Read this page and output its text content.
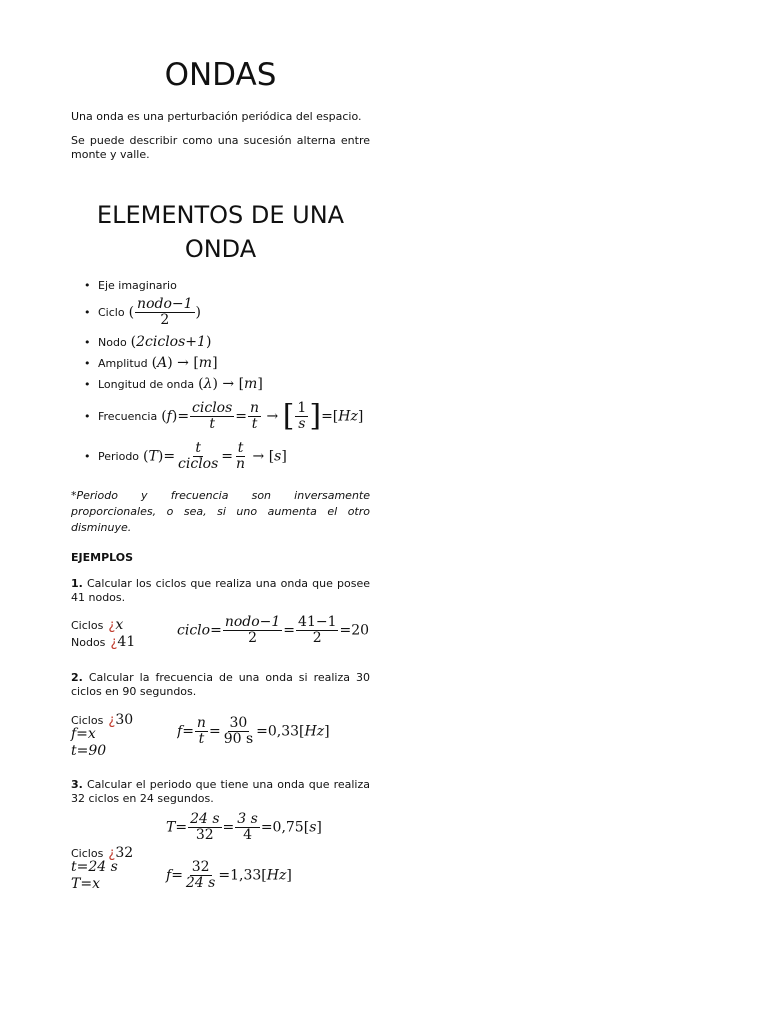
ONDAS
Una onda es una perturbación periódica del espacio.
Se puede describir como una sucesión alterna entre monte y valle.
ELEMENTOS DE UNA ONDA
• Eje imaginario
• Ciclo ( $\frac{\text{nodo−1}}{2}$ )
• Nodo (2ciclos+1)
• Amplitud (A) → [m]
• Longitud de onda (λ) → [m]
• Frecuencia $(f)= \frac{\text{ciclos}}{t} = \frac{n}{t}$ → [ $\frac{1}{s} ]=[Hz]$
• Periodo $(T)= \frac{t}{\text{ciclos}} = \frac{t}{n} \to [s]$
*Periodo y frecuencia son inversamente proporcionales, o sea, si uno aumenta el otro disminuye.
EJEMPLOS
1. Calcular los ciclos que realiza una onda que posee 41 nodos.
Ciclos ¿x
Nodos ¿41
ciclo= $\frac{\text{nodo−1}}{2} = \frac{41-1}{2} =20$
2. Calcular la frecuencia de una onda si realiza 30 ciclos en 90 segundos.
Ciclos ¿30
f=x
t=90
$f= \frac{n}{t} = \frac{30}{90 s} =0,33[Hz]$
3. Calcular el periodo que tiene una onda que realiza 32 ciclos en 24 segundos.
$T= \frac{24 s}{32} = \frac{3 s}{4} =0,75[s]$
Ciclos ¿32
t=24 s
T=x
$f= \frac{32}{24 s} =1,33[Hz]$
